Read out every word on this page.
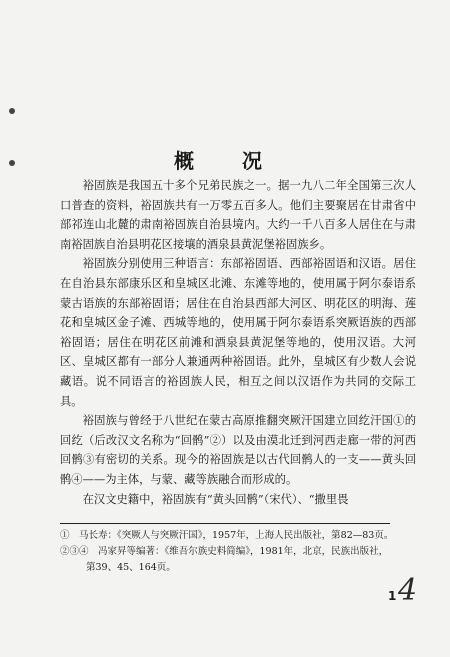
概　况

裕固族是我国五十多个兄弟民族之一。据一九八二年全国第三次人口普查的资料，裕固族共有一万零五百多人。他们主要聚居在甘肃省中部祁连山北麓的肃南裕固族自治县境内。大约一千八百多人居住在与肃南裕固族自治县明花区接壤的酒泉县黄泥堡裕固族乡。

裕固族分别使用三种语言：东部裕固语、西部裕固语和汉语。居住在自治县东部康乐区和皇城区北滩、东滩等地的，使用属于阿尔泰语系蒙古语族的东部裕固语；居住在自治县西部大河区、明花区的明海、莲花和皇城区金子滩、西城等地的，使用属于阿尔泰语系突厥语族的西部裕固语；居住在明花区前滩和酒泉县黄泥堡等地的，使用汉语。大河区、皇城区都有一部分人兼通两种裕固语。此外，皇城区有少数人会说藏语。说不同语言的裕固族人民，相互之间以汉语作为共同的交际工具。

裕固族与曾经于八世纪在蒙古高原推翻突厥汗国建立回纥汗国①的回纥（后改汉文名称为“回鹘”②）以及由漠北迁到河西走廊一带的河西回鹘③有密切的关系。现今的裕固族是以古代回鹘人的一支——黄头回鹘④——为主体，与蒙、藏等族融合而形成的。

在汉文史籍中，裕固族有“黄头回鹘”（宋代）、“撒里畏

①　马长寿：《突厥人与突厥汗国》，1957年，上海人民出版社，第82—83页。
②③④　冯家昇等编著：《维吾尔族史料简编》，1981年，北京，民族出版社，
第39、45、164页。
1 4
